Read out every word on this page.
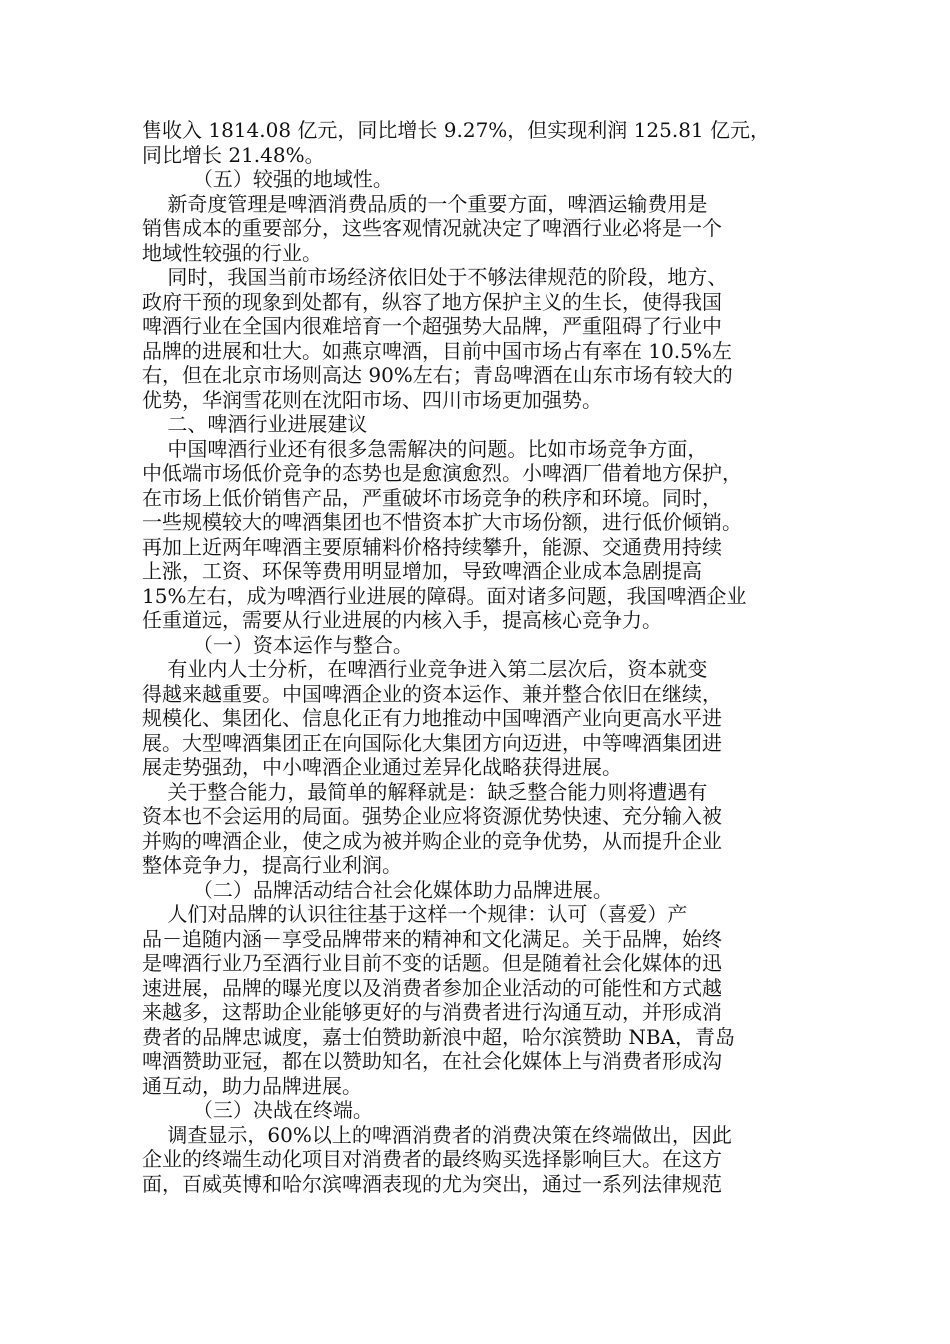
售收入 1814.08 亿元，同比增长 9.27%，但实现利润 125.81 亿元，
同比增长 21.48%。
（五）较强的地域性。
新奇度管理是啤酒消费品质的一个重要方面，啤酒运输费用是
销售成本的重要部分，这些客观情况就决定了啤酒行业必将是一个
地域性较强的行业。
同时，我国当前市场经济依旧处于不够法律规范的阶段，地方、
政府干预的现象到处都有，纵容了地方保护主义的生长，使得我国
啤酒行业在全国内很难培育一个超强势大品牌，严重阻碍了行业中
品牌的进展和壮大。如燕京啤酒，目前中国市场占有率在 10.5%左
右，但在北京市场则高达 90%左右；青岛啤酒在山东市场有较大的
优势，华润雪花则在沈阳市场、四川市场更加强势。
二、啤酒行业进展建议
中国啤酒行业还有很多急需解决的问题。比如市场竞争方面，
中低端市场低价竞争的态势也是愈演愈烈。小啤酒厂借着地方保护，
在市场上低价销售产品，严重破坏市场竞争的秩序和环境。同时，
一些规模较大的啤酒集团也不惜资本扩大市场份额，进行低价倾销。
再加上近两年啤酒主要原辅料价格持续攀升，能源、交通费用持续
上涨，工资、环保等费用明显增加，导致啤酒企业成本急剧提高
15%左右，成为啤酒行业进展的障碍。面对诸多问题，我国啤酒企业
任重道远，需要从行业进展的内核入手，提高核心竞争力。
（一）资本运作与整合。
有业内人士分析，在啤酒行业竞争进入第二层次后，资本就变
得越来越重要。中国啤酒企业的资本运作、兼并整合依旧在继续，
规模化、集团化、信息化正有力地推动中国啤酒产业向更高水平进
展。大型啤酒集团正在向国际化大集团方向迈进，中等啤酒集团进
展走势强劲，中小啤酒企业通过差异化战略获得进展。
关于整合能力，最简单的解释就是：缺乏整合能力则将遭遇有
资本也不会运用的局面。强势企业应将资源优势快速、充分输入被
并购的啤酒企业，使之成为被并购企业的竞争优势，从而提升企业
整体竞争力，提高行业利润。
（二）品牌活动结合社会化媒体助力品牌进展。
人们对品牌的认识往往基于这样一个规律：认可（喜爱）产
品－追随内涵－享受品牌带来的精神和文化满足。关于品牌，始终
是啤酒行业乃至酒行业目前不变的话题。但是随着社会化媒体的迅
速进展，品牌的曝光度以及消费者参加企业活动的可能性和方式越
来越多，这帮助企业能够更好的与消费者进行沟通互动，并形成消
费者的品牌忠诚度，嘉士伯赞助新浪中超，哈尔滨赞助 NBA，青岛
啤酒赞助亚冠，都在以赞助知名，在社会化媒体上与消费者形成沟
通互动，助力品牌进展。
（三）决战在终端。
调查显示，60%以上的啤酒消费者的消费决策在终端做出，因此
企业的终端生动化项目对消费者的最终购买选择影响巨大。在这方
面，百威英博和哈尔滨啤酒表现的尤为突出，通过一系列法律规范
